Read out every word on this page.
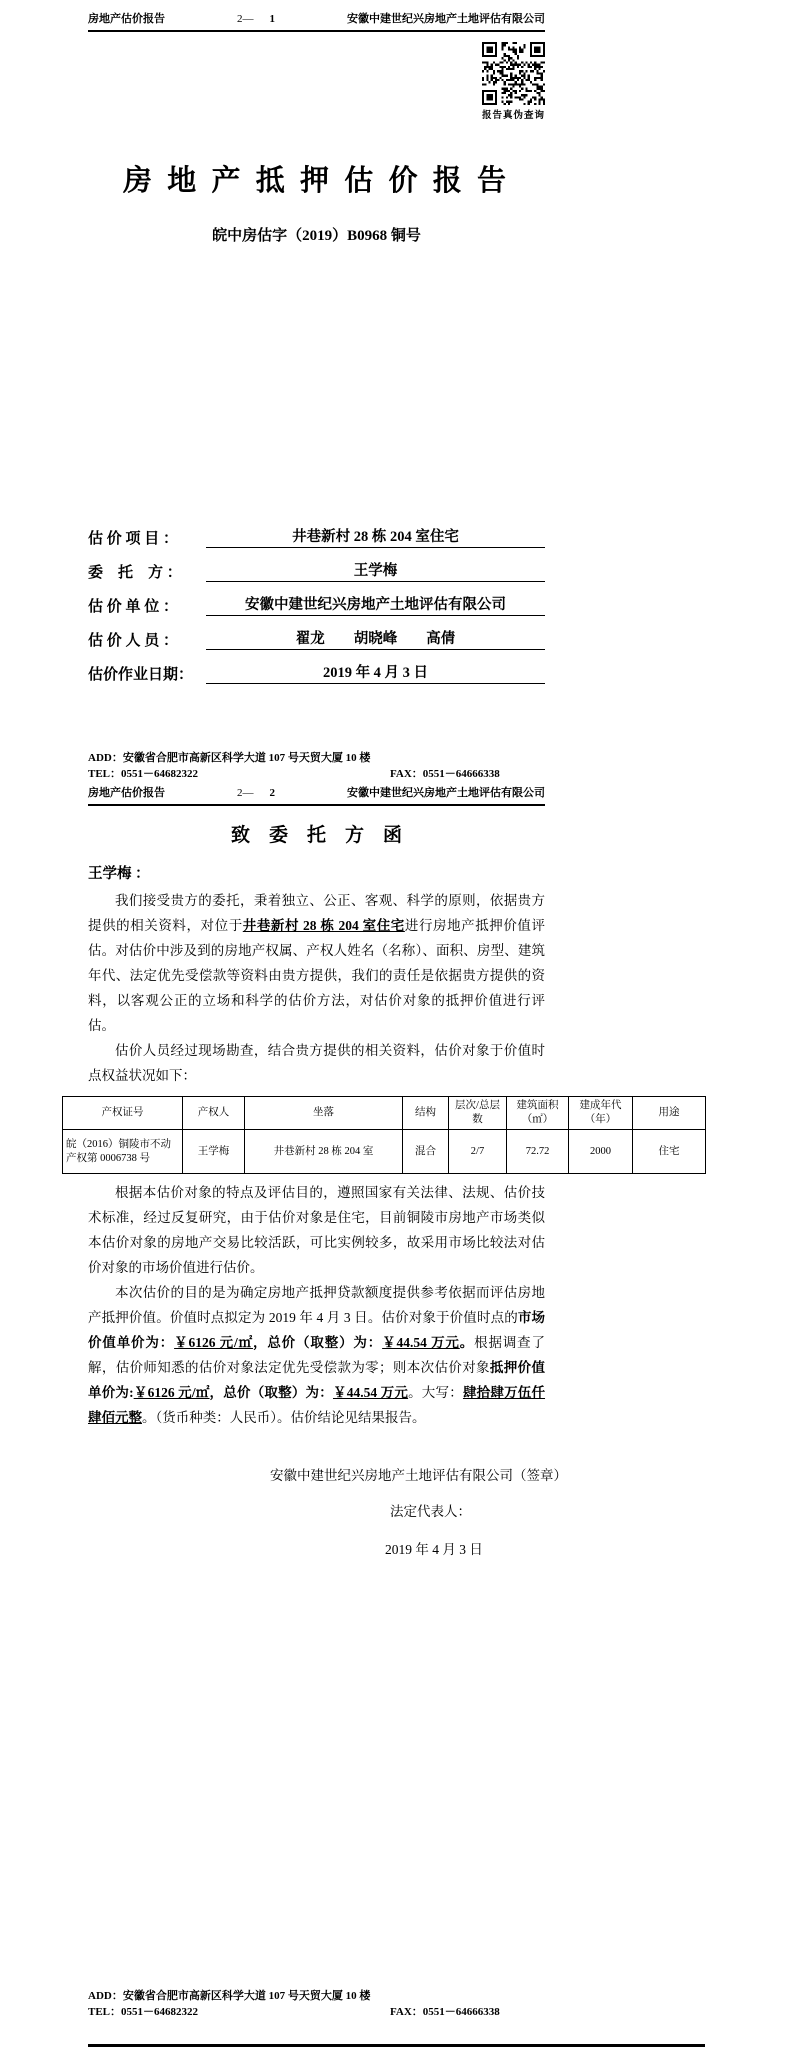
房地产估价报告	2— 1	安徽中建世纪兴房地产土地评估有限公司
报告真伪查询
房 地 产 抵 押 估 价 报 告
皖中房估字（2019）B0968 铜号
估 价 项 目 ：	井巷新村 28 栋 204 室住宅
委　托　方 ：	王学梅
估 价 单 位 ：	安徽中建世纪兴房地产土地评估有限公司
估 价 人 员 ：	翟龙　　胡晓峰　　高倩
估价作业日期：	2019 年 4 月 3 日
ADD：安徽省合肥市高新区科学大道 107 号天贸大厦 10 楼
TEL：0551－64682322	FAX：0551－64666338
房地产估价报告	2— 2	安徽中建世纪兴房地产土地评估有限公司
致　委　托　方　函
王学梅 ：

我们接受贵方的委托，秉着独立、公正、客观、科学的原则，依据贵方提供的相关资料，对位于井巷新村 28 栋 204 室住宅进行房地产抵押价值评估。对估价中涉及到的房地产权属、产权人姓名（名称）、面积、房型、建筑年代、法定优先受偿款等资料由贵方提供，我们的责任是依据贵方提供的资料，以客观公正的立场和科学的估价方法，对估价对象的抵押价值进行评估。

估价人员经过现场勘查，结合贵方提供的相关资料，估价对象于价值时点权益状况如下：

产权证号	产权人	坐落	结构	层次/总层数	建筑面积（㎡）	建成年代（年）	用途
皖（2016）铜陵市不动产权第 0006738 号	王学梅	井巷新村 28 栋 204 室	混合	2/7	72.72	2000	住宅

根据本估价对象的特点及评估目的，遵照国家有关法律、法规、估价技术标准，经过反复研究，由于估价对象是住宅，目前铜陵市房地产市场类似本估价对象的房地产交易比较活跃，可比实例较多，故采用市场比较法对估价对象的市场价值进行估价。

本次估价的目的是为确定房地产抵押贷款额度提供参考依据而评估房地产抵押价值。价值时点拟定为 2019 年 4 月 3 日。估价对象于价值时点的市场价值单价为：￥6126 元/㎡，总价（取整）为：￥44.54 万元。根据调查了解，估价师知悉的估价对象法定优先受偿款为零；则本次估价对象抵押价值单价为:￥6126 元/㎡，总价（取整）为：￥44.54 万元。大写：肆拾肆万伍仟肆佰元整。（货币种类：人民币）。估价结论见结果报告。

安徽中建世纪兴房地产土地评估有限公司（签章）
法定代表人：
2019 年 4 月 3 日
ADD：安徽省合肥市高新区科学大道 107 号天贸大厦 10 楼
TEL：0551－64682322	FAX：0551－64666338
